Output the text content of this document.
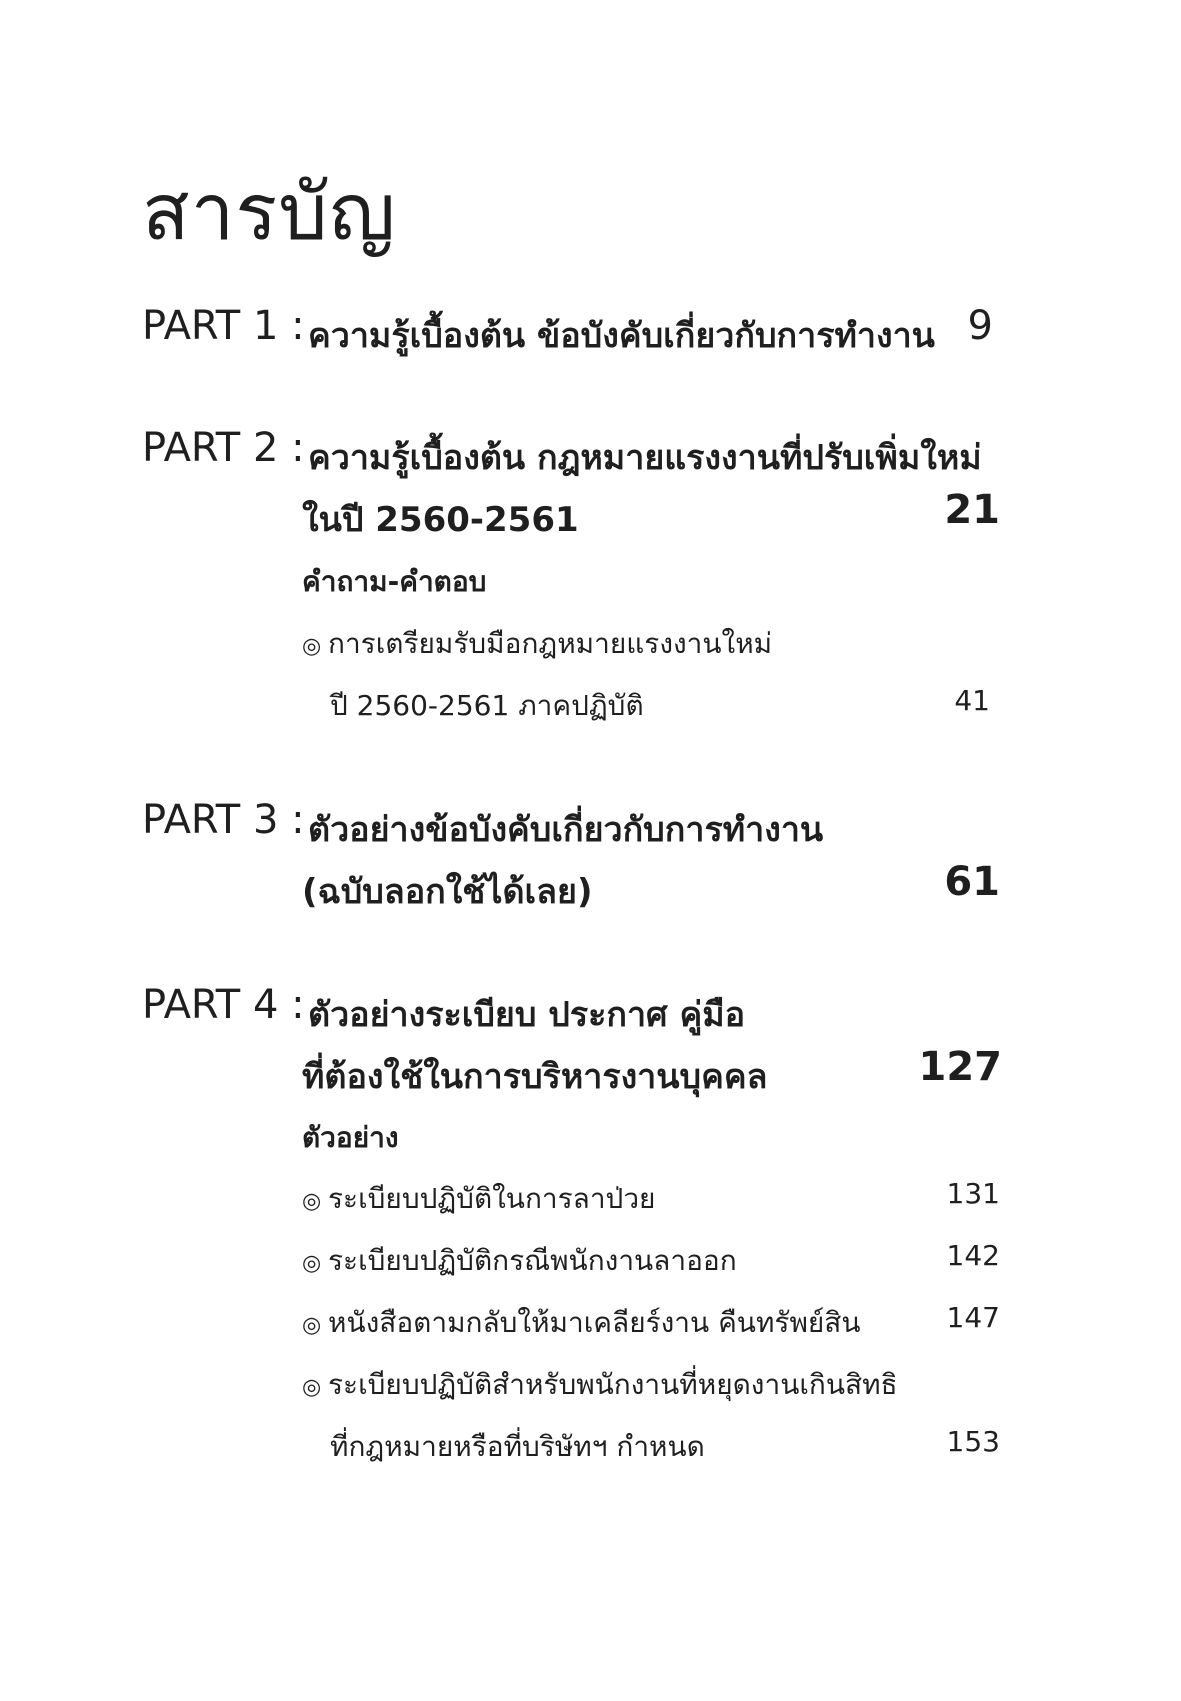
สารบัญ
PART 1 : ความรู้เบื้องต้น ข้อบังคับเกี่ยวกับการทำงาน 9
PART 2 : ความรู้เบื้องต้น กฎหมายแรงงานที่ปรับเพิ่มใหม่
ในปี 2560-2561	21
คำถาม-คำตอบ
◎ การเตรียมรับมือกฎหมายแรงงานใหม่
ปี 2560-2561 ภาคปฏิบัติ	41
PART 3 : ตัวอย่างข้อบังคับเกี่ยวกับการทำงาน
(ฉบับลอกใช้ได้เลย)	61
PART 4 : ตัวอย่างระเบียบ ประกาศ คู่มือ
ที่ต้องใช้ในการบริหารงานบุคคล	127
ตัวอย่าง
◎ ระเบียบปฏิบัติในการลาป่วย	131
◎ ระเบียบปฏิบัติกรณีพนักงานลาออก	142
◎ หนังสือตามกลับให้มาเคลียร์งาน คืนทรัพย์สิน	147
◎ ระเบียบปฏิบัติสำหรับพนักงานที่หยุดงานเกินสิทธิ
ที่กฎหมายหรือที่บริษัทฯ กำหนด	153
